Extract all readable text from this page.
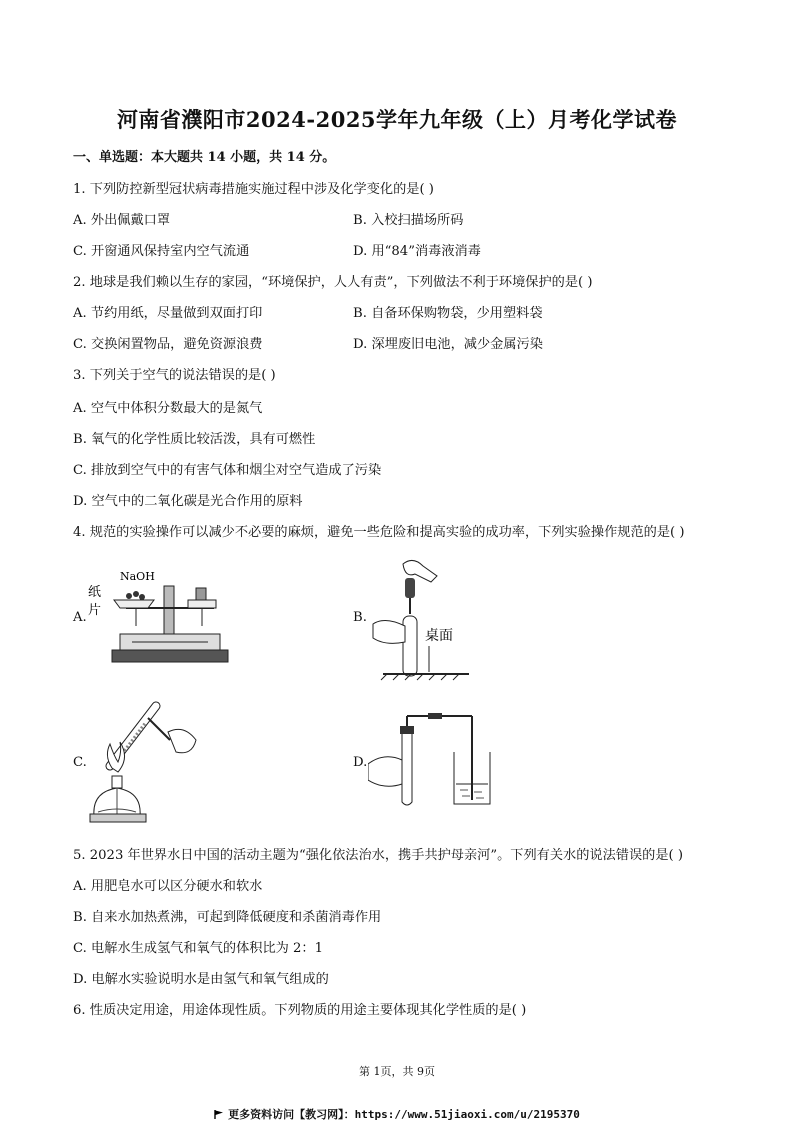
河南省濮阳市2024-2025学年九年级（上）月考化学试卷
一、单选题：本大题共 14 小题，共 14 分。
1. 下列防控新型冠状病毒措施实施过程中涉及化学变化的是( )
A. 外出佩戴口罩	B. 入校扫描场所码
C. 开窗通风保持室内空气流通	D. 用“84”消毒液消毒
2. 地球是我们赖以生存的家园，“环境保护，人人有责”，下列做法不利于环境保护的是( )
A. 节约用纸，尽量做到双面打印	B. 自备环保购物袋，少用塑料袋
C. 交换闲置物品，避免资源浪费	D. 深埋废旧电池，减少金属污染
3. 下列关于空气的说法错误的是( )
A. 空气中体积分数最大的是氮气
B. 氧气的化学性质比较活泼，具有可燃性
C. 排放到空气中的有害气体和烟尘对空气造成了污染
D. 空气中的二氧化碳是光合作用的原料
4. 规范的实验操作可以减少不必要的麻烦，避免一些危险和提高实验的成功率，下列实验操作规范的是( )
A.
NaOH
纸
片	B.
桌面
C.	D.
5. 2023 年世界水日中国的活动主题为“强化依法治水，携手共护母亲河”。下列有关水的说法错误的是( )
A. 用肥皂水可以区分硬水和软水
B. 自来水加热煮沸，可起到降低硬度和杀菌消毒作用
C. 电解水生成氢气和氧气的体积比为 2：1
D. 电解水实验说明水是由氢气和氧气组成的
6. 性质决定用途，用途体现性质。下列物质的用途主要体现其化学性质的是( )
第 1页，共 9页
更多资料访问【教习网】：https://www.51jiaoxi.com/u/2195370
